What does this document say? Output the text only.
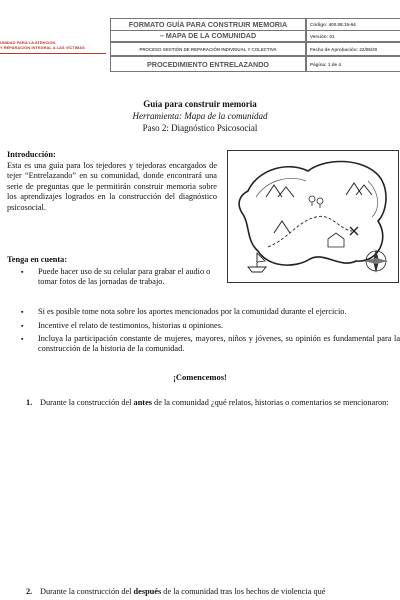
UNIDAD PARA LA ATENCIÓN
Y REPARACIÓN INTEGRAL A LAS VÍCTIMAS
FORMATO GUÍA PARA CONSTRUIR MEMORIA
– MAPA DE LA COMUNIDAD
PROCESO GESTIÓN DE REPARACIÓN INDIVIDUAL Y COLECTIVA
PROCEDIMIENTO ENTRELAZANDO
Código: 400.08.15-64
Versión: 01
Fecha de Aprobación: 22/05/20
Página: 1 de 4
Guía para construir memoria
Herramienta: Mapa de la comunidad
Paso 2: Diagnóstico Psicosocial
Introducción:
Esta es una guía para los tejedores y tejedoras encargados de tejer “Entrelazando” en su comunidad, donde encontrará una serie de preguntas que le permitirán construir memoria sobre los aprendizajes logrados en la construcción del diagnóstico psicosocial.
Tenga en cuenta:
▪ Puede hacer uso de su celular para grabar el audio o tomar fotos de las jornadas de trabajo.
▪ Si es posible tome nota sobre los aportes mencionados por la comunidad durante el ejercicio.
▪ Incentive el relato de testimonios, historias u opiniones.
▪ Incluya la participación constante de mujeres, mayores, niños y jóvenes, su opinión es fundamental para la construcción de la historia de la comunidad.
¡Comencemos!
1. Durante la construcción del antes de la comunidad ¿qué relatos, historias o comentarios se mencionaron:
2. Durante la construcción del después de la comunidad tras los hechos de violencia qué
